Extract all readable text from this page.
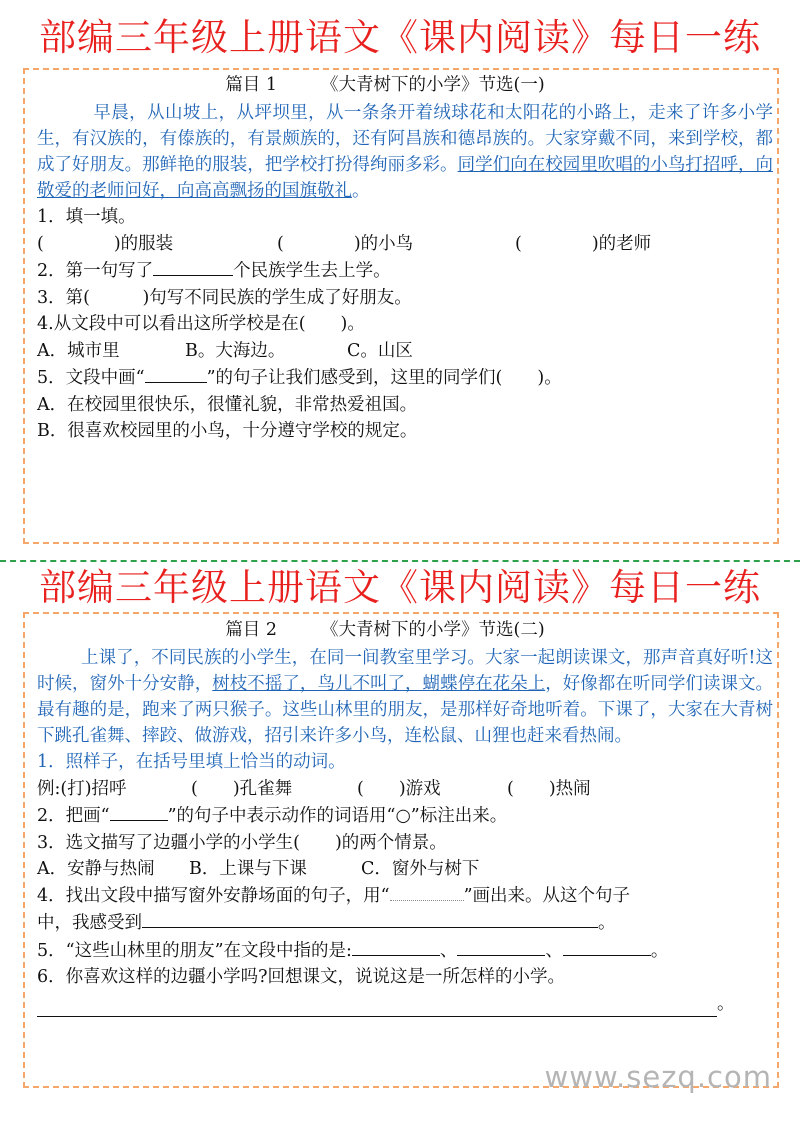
部编三年级上册语文《课内阅读》每日一练
篇目 1	《大青树下的小学》节选(一)
早晨，从山坡上，从坪坝里，从一条条开着绒球花和太阳花的小路上，走来了许多小学生，有汉族的，有傣族的，有景颇族的，还有阿昌族和德昂族的。大家穿戴不同，来到学校，都成了好朋友。那鲜艳的服装，把学校打扮得绚丽多彩。同学们向在校园里吹唱的小鸟打招呼，向敬爱的老师问好，向高高飘扬的国旗敬礼。
1．填一填。
(　　　　)的服装	(　　　　)的小鸟	(　　　　)的老师
2．第一句写了	个民族学生去上学。
3．第(　　　)句写不同民族的学生成了好朋友。
4.从文段中可以看出这所学校是在(　　)。
A．城市里	B。大海边。	C。山区
5．文段中画“	”的句子让我们感受到，这里的同学们(　　)。
A．在校园里很快乐，很懂礼貌，非常热爱祖国。
B．很喜欢校园里的小鸟，十分遵守学校的规定。
部编三年级上册语文《课内阅读》每日一练
篇目 2	《大青树下的小学》节选(二)
上课了，不同民族的小学生，在同一间教室里学习。大家一起朗读课文，那声音真好听!这时候，窗外十分安静，树枝不摇了，鸟儿不叫了，蝴蝶停在花朵上，好像都在听同学们读课文。最有趣的是，跑来了两只猴子。这些山林里的朋友，是那样好奇地听着。下课了，大家在大青树下跳孔雀舞、摔跤、做游戏，招引来许多小鸟，连松鼠、山狸也赶来看热闹。
1．照样子，在括号里填上恰当的动词。
例:(打)招呼	(　　)孔雀舞	(　　)游戏	(　　)热闹
2．把画“	”的句子中表示动作的词语用“○”标注出来。
3．选文描写了边疆小学的小学生(　　)的两个情景。
A．安静与热闹	B．上课与下课	C．窗外与树下
4．找出文段中描写窗外安静场面的句子，用“	”画出来。从这个句子
中，我感受到	。
5．“这些山林里的朋友”在文段中指的是:	、	、	。
6．你喜欢这样的边疆小学吗?回想课文，说说这是一所怎样的小学。
。
www.sezq.com
